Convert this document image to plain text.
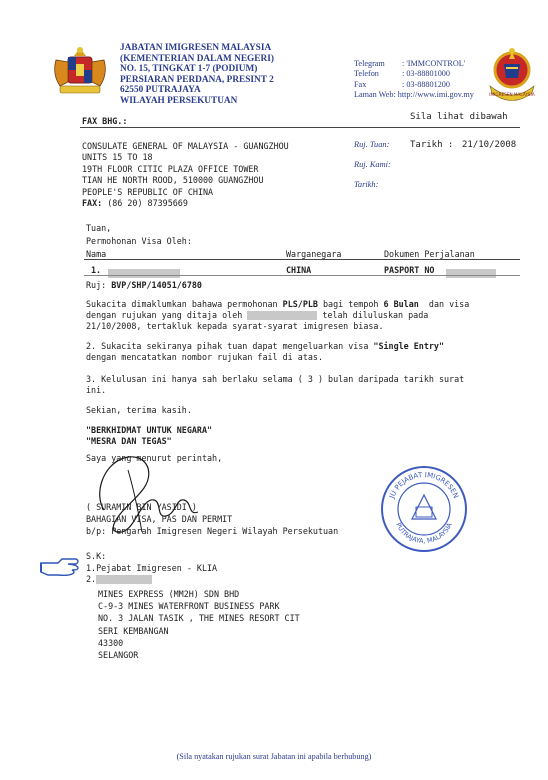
JABATAN IMIGRESEN MALAYSIA
(KEMENTERIAN DALAM NEGERI)
NO. 15, TINGKAT 1-7 (PODIUM)
PERSIARAN PERDANA, PRESINT 2
62550 PUTRAJAYA
WILAYAH PERSEKUTUAN
Telegram : 'IMMCONTROL'
Telefon	: 03-88801000
Fax	: 03-88801200
Laman Web: http://www.imi.gov.my	IMIGRESEN MALAYSIA
FAX BHG.:	Sila lihat dibawah
CONSULATE GENERAL OF MALAYSIA - GUANGZHOU
UNITS 15 TO 18
19TH FLOOR CITIC PLAZA OFFICE TOWER
TIAN HE NORTH ROOD, 510000 GUANGZHOU
PEOPLE'S REPUBLIC OF CHINA
FAX: (86 20) 87395669
Ruj. Tuan: Tarikh : 21/10/2008
Ruj. Kami:
Tarikh:
Tuan,
Permohonan Visa Oleh:
Nama	Warganegara	Dokumen Perjalanan
1.	CHINA	PASPORT NO
Ruj: BVP/SHP/14051/6780
Sukacita dimaklumkan bahawa permohonan PLS/PLB bagi tempoh 6 Bulan dan visa
dengan rujukan yang ditaja oleh	telah diluluskan pada
21/10/2008, tertakluk kepada syarat-syarat imigresen biasa.
2. Sukacita sekiranya pihak tuan dapat mengeluarkan visa "Single Entry"
dengan mencatatkan nombor rujukan fail di atas.
3. Kelulusan ini hanya sah berlaku selama ( 3 ) bulan daripada tarikh surat
ini.
Sekian, terima kasih.
"BERKHIDMAT UNTUK NEGARA"
"MESRA DAN TEGAS"
Saya yang menurut perintah,
( SURAMIN BIN YASIDI )
BAHAGIAN VISA, PAS DAN PERMIT
b/p: Pengarah Imigresen Negeri Wilayah Persekutuan
JU PEJABAT IMIGRESEN
PUTRAJAYA, MALAYSIA
S.K:
1.Pejabat Imigresen - KLIA
2.
MINES EXPRESS (MM2H) SDN BHD
C-9-3 MINES WATERFRONT BUSINESS PARK
NO. 3 JALAN TASIK , THE MINES RESORT CIT
SERI KEMBANGAN
43300
SELANGOR
(Sila nyatakan rujukan surat Jabatan ini apabila berhubung)
